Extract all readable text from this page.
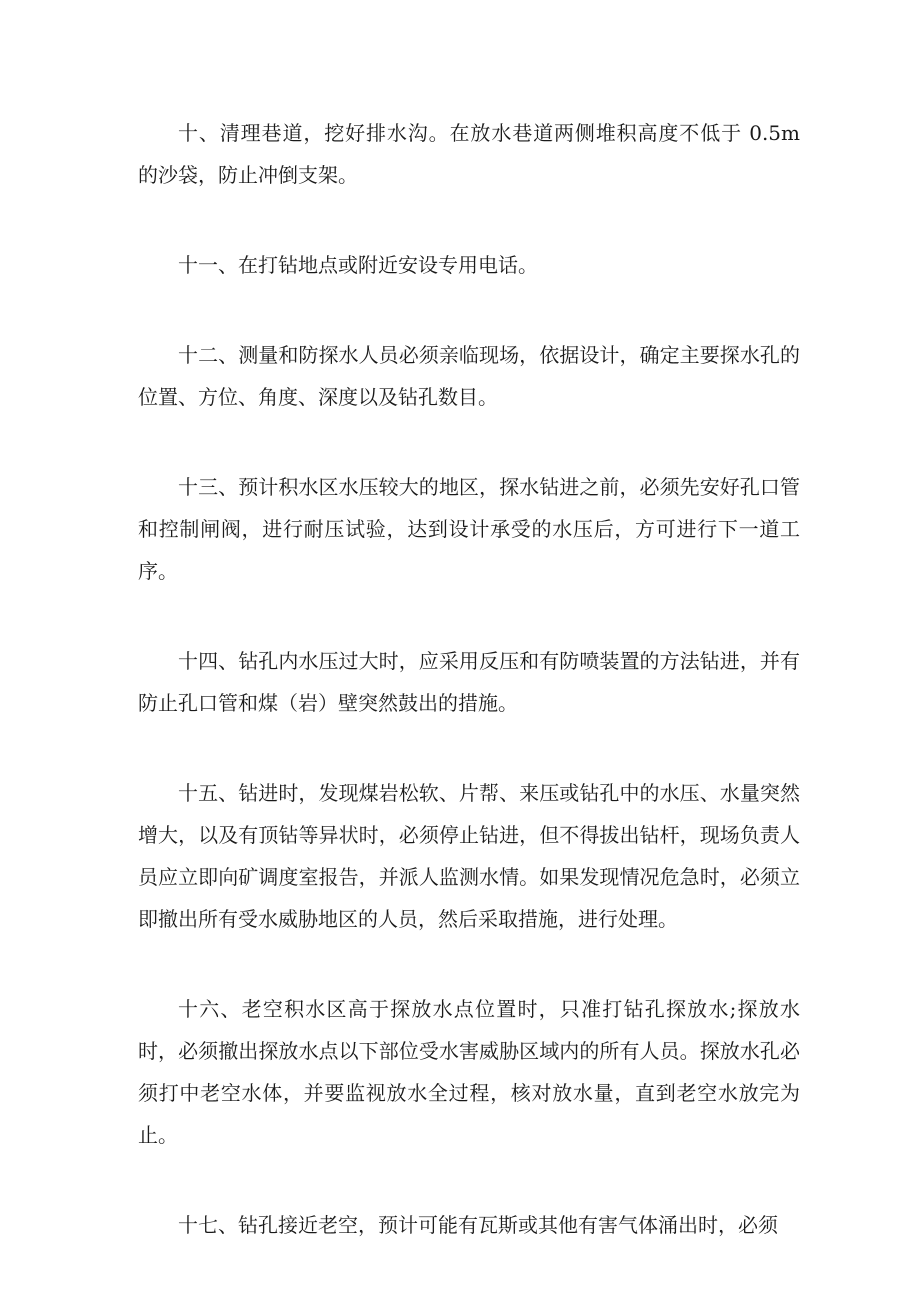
十、清理巷道，挖好排水沟。在放水巷道两侧堆积高度不低于 0.5m 的沙袋，防止冲倒支架。

十一、在打钻地点或附近安设专用电话。

十二、测量和防探水人员必须亲临现场，依据设计，确定主要探水孔的位置、方位、角度、深度以及钻孔数目。

十三、预计积水区水压较大的地区，探水钻进之前，必须先安好孔口管和控制闸阀，进行耐压试验，达到设计承受的水压后，方可进行下一道工序。

十四、钻孔内水压过大时，应采用反压和有防喷装置的方法钻进，并有防止孔口管和煤（岩）壁突然鼓出的措施。

十五、钻进时，发现煤岩松软、片帮、来压或钻孔中的水压、水量突然增大，以及有顶钻等异状时，必须停止钻进，但不得拔出钻杆，现场负责人员应立即向矿调度室报告，并派人监测水情。如果发现情况危急时，必须立即撤出所有受水威胁地区的人员，然后采取措施，进行处理。

十六、老空积水区高于探放水点位置时，只准打钻孔探放水;探放水时，必须撤出探放水点以下部位受水害威胁区域内的所有人员。探放水孔必须打中老空水体，并要监视放水全过程，核对放水量，直到老空水放完为止。

十七、钻孔接近老空，预计可能有瓦斯或其他有害气体涌出时，必须
